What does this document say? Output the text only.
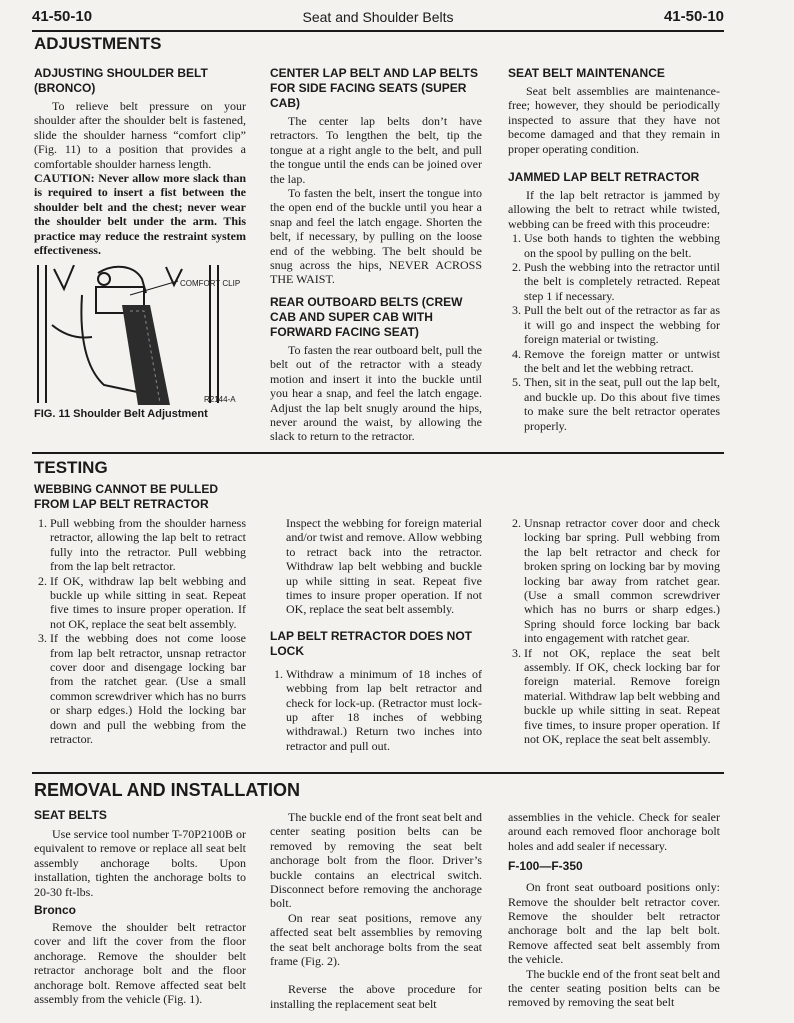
41-50-10	Seat and Shoulder Belts	41-50-10
ADJUSTMENTS
ADJUSTING SHOULDER BELT (BRONCO)

To relieve belt pressure on your shoulder after the shoulder belt is fastened, slide the shoulder harness “comfort clip” (Fig. 11) to a position that provides a comfortable shoulder harness length.

CAUTION: Never allow more slack than is required to insert a fist between the shoulder belt and the chest; never wear the shoulder belt under the arm. This practice may reduce the restraint system effectiveness.

COMFORT CLIP
R2144-A

FIG. 11 Shoulder Belt Adjustment

CENTER LAP BELT AND LAP BELTS FOR SIDE FACING SEATS (SUPER CAB)

The center lap belts don’t have retractors. To lengthen the belt, tip the tongue at a right angle to the belt, and pull the tongue until the ends can be joined over the lap.

To fasten the belt, insert the tongue into the open end of the buckle until you hear a snap and feel the latch engage. Shorten the belt, if necessary, by pulling on the loose end of the webbing. The belt should be snug across the hips, NEVER ACROSS THE WAIST.

REAR OUTBOARD BELTS (CREW CAB AND SUPER CAB WITH FORWARD FACING SEAT)

To fasten the rear outboard belt, pull the belt out of the retractor with a steady motion and insert it into the buckle until you hear a snap, and feel the latch engage. Adjust the lap belt snugly around the hips, never around the waist, by allowing the slack to return to the retractor.

SEAT BELT MAINTENANCE

Seat belt assemblies are maintenance-free; however, they should be periodically inspected to assure that they have not become damaged and that they remain in proper operating condition.

JAMMED LAP BELT RETRACTOR

If the lap belt retractor is jammed by allowing the belt to retract while twisted, webbing can be freed with this proceudre:

1. Use both hands to tighten the webbing on the spool by pulling on the belt.
2. Push the webbing into the retractor until the belt is completely retracted. Repeat step 1 if necessary.
3. Pull the belt out of the retractor as far as it will go and inspect the webbing for foreign material or twisting.
4. Remove the foreign matter or untwist the belt and let the webbing retract.
5. Then, sit in the seat, pull out the lap belt, and buckle up. Do this about five times to make sure the belt retractor operates properly.
TESTING
WEBBING CANNOT BE PULLED FROM LAP BELT RETRACTOR
1. Pull webbing from the shoulder harness retractor, allowing the lap belt to retract fully into the retractor. Pull webbing from the lap belt retractor.
2. If OK, withdraw lap belt webbing and buckle up while sitting in seat. Repeat five times to insure proper operation. If not OK, replace the seat belt assembly.
3. If the webbing does not come loose from lap belt retractor, unsnap retractor cover door and disengage locking bar from the ratchet gear. (Use a small common screwdriver which has no burrs or sharp edges.) Hold the locking bar down and pull the webbing from the retractor.

Inspect the webbing for foreign material and/or twist and remove. Allow webbing to retract back into the retractor. Withdraw lap belt webbing and buckle up while sitting in seat. Repeat five times to insure proper operation. If not OK, replace the seat belt assembly.

LAP BELT RETRACTOR DOES NOT LOCK
1. Withdraw a minimum of 18 inches of webbing from lap belt retractor and check for lock-up. (Retractor must lock-up after 18 inches of webbing withdrawal.) Return two inches into retractor and pull out.
2. Unsnap retractor cover door and check locking bar spring. Pull webbing from the lap belt retractor and check for broken spring on locking bar by moving locking bar away from ratchet gear. (Use a small common screwdriver which has no burrs or sharp edges.) Spring should force locking bar back into engagement with ratchet gear.
3. If not OK, replace the seat belt assembly. If OK, check locking bar for foreign material. Remove foreign material. Withdraw lap belt webbing and buckle up while sitting in seat. Repeat five times, to insure proper operation. If not OK, replace the seat belt assembly.
REMOVAL AND INSTALLATION
SEAT BELTS

Use service tool number T-70P2100B or equivalent to remove or replace all seat belt assembly anchorage bolts. Upon installation, tighten the anchorage bolts to 20-30 ft-lbs.

Bronco

Remove the shoulder belt retractor cover and lift the cover from the floor anchorage. Remove the shoulder belt retractor anchorage bolt and the floor anchorage bolt. Remove affected seat belt assembly from the vehicle (Fig. 1).

The buckle end of the front seat belt and center seating position belts can be removed by removing the seat belt anchorage bolt from the floor. Driver’s buckle contains an electrical switch. Disconnect before removing the anchorage bolt.

On rear seat positions, remove any affected seat belt assemblies by removing the seat belt anchorage bolts from the seat frame (Fig. 2).

Reverse the above procedure for installing the replacement seat belt

assemblies in the vehicle. Check for sealer around each removed floor anchorage bolt holes and add sealer if necessary.

F-100—F-350

On front seat outboard positions only: Remove the shoulder belt retractor cover. Remove the shoulder belt retractor anchorage bolt and the lap belt bolt. Remove affected seat belt assembly from the vehicle.

The buckle end of the front seat belt and the center seating position belts can be removed by removing the seat belt
